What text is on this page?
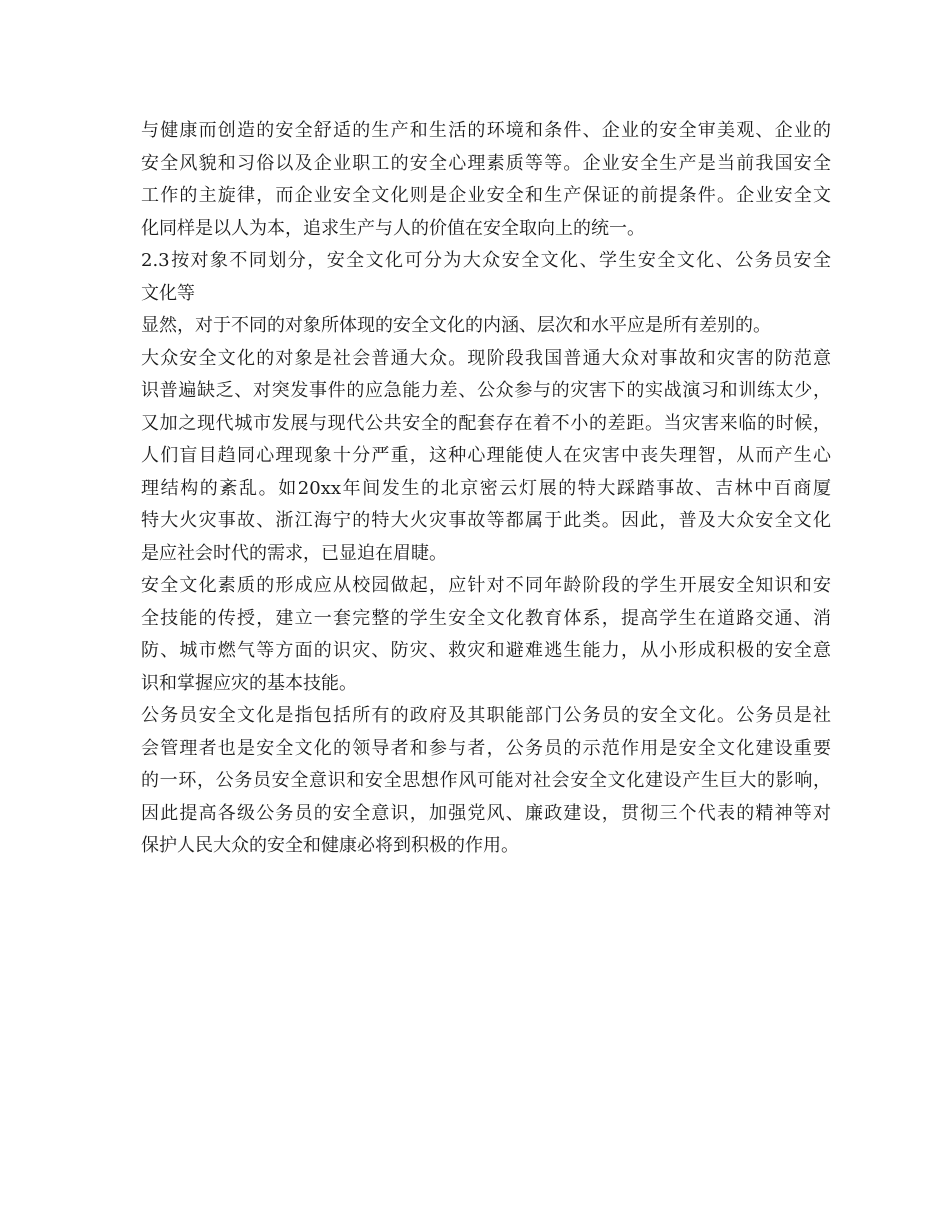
与健康而创造的安全舒适的生产和生活的环境和条件、企业的安全审美观、企业的
安全风貌和习俗以及企业职工的安全心理素质等等。企业安全生产是当前我国安全
工作的主旋律，而企业安全文化则是企业安全和生产保证的前提条件。企业安全文
化同样是以人为本，追求生产与人的价值在安全取向上的统一。
2.3按对象不同划分，安全文化可分为大众安全文化、学生安全文化、公务员安全
文化等
显然，对于不同的对象所体现的安全文化的内涵、层次和水平应是所有差别的。
大众安全文化的对象是社会普通大众。现阶段我国普通大众对事故和灾害的防范意
识普遍缺乏、对突发事件的应急能力差、公众参与的灾害下的实战演习和训练太少，
又加之现代城市发展与现代公共安全的配套存在着不小的差距。当灾害来临的时候，
人们盲目趋同心理现象十分严重，这种心理能使人在灾害中丧失理智，从而产生心
理结构的紊乱。如20xx年间发生的北京密云灯展的特大踩踏事故、吉林中百商厦
特大火灾事故、浙江海宁的特大火灾事故等都属于此类。因此，普及大众安全文化
是应社会时代的需求，已显迫在眉睫。
安全文化素质的形成应从校园做起，应针对不同年龄阶段的学生开展安全知识和安
全技能的传授，建立一套完整的学生安全文化教育体系，提高学生在道路交通、消
防、城市燃气等方面的识灾、防灾、救灾和避难逃生能力，从小形成积极的安全意
识和掌握应灾的基本技能。
公务员安全文化是指包括所有的政府及其职能部门公务员的安全文化。公务员是社
会管理者也是安全文化的领导者和参与者，公务员的示范作用是安全文化建设重要
的一环，公务员安全意识和安全思想作风可能对社会安全文化建设产生巨大的影响，
因此提高各级公务员的安全意识，加强党风、廉政建设，贯彻三个代表的精神等对
保护人民大众的安全和健康必将到积极的作用。
